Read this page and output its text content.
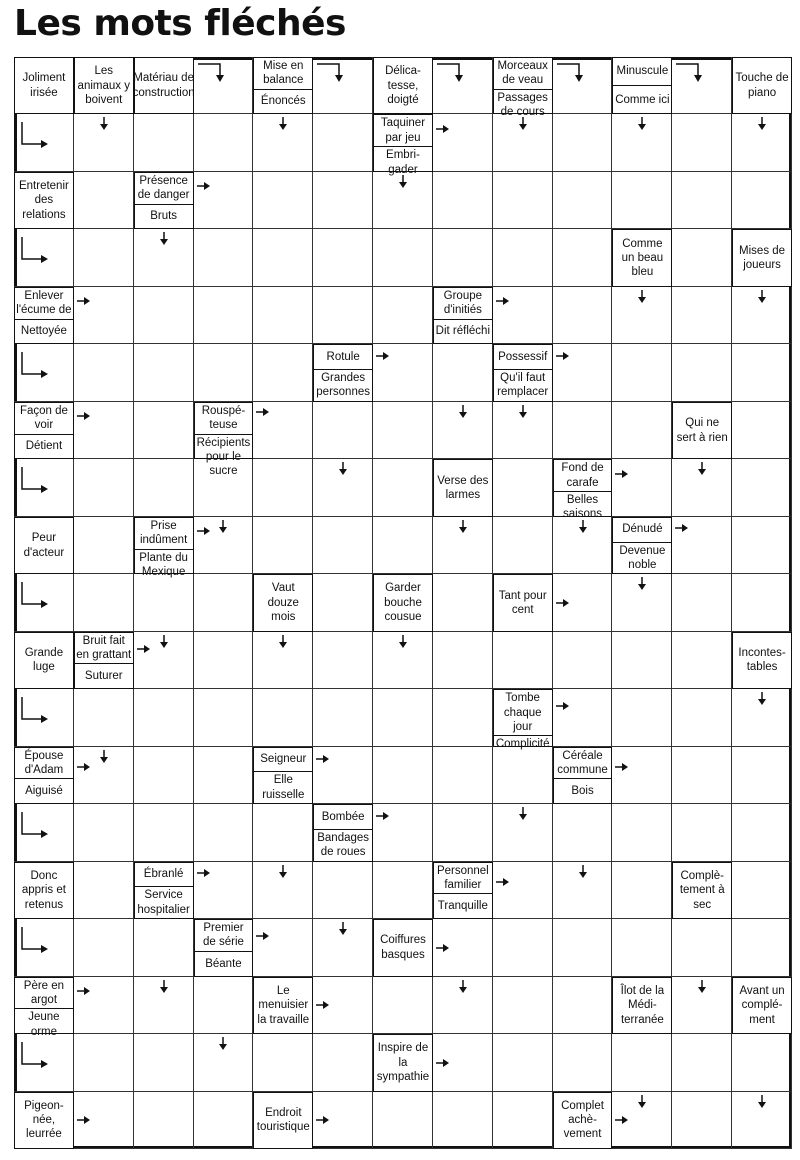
Les mots fléchés
Joliment irisée
Les animaux y boivent
Matériau de construction
Mise en balance
Énoncés
Délica-tesse, doigté
Morceaux de veau
Passages de cours
Minuscule
Comme ici
Touche de piano
Taquiner par jeu
Embri-gader
Entretenir des relations
Présence de danger
Bruts
Comme un beau bleu
Mises de joueurs
Enlever l'écume de
Nettoyée
Groupe d'initiés
Dit réfléchi
Rotule
Grandes personnes
Possessif
Qu'il faut remplacer
Façon de voir
Détient
Rouspé-teuse
Récipients pour le sucre
Qui ne sert à rien
Verse des larmes
Fond de carafe
Belles saisons
Peur d'acteur
Prise indûment
Plante du Mexique
Dénudé
Devenue noble
Vaut douze mois
Garder bouche cousue
Tant pour cent
Grande luge
Bruit fait en grattant
Suturer
Incontes-tables
Tombe chaque jour
Complicité
Épouse d'Adam
Aiguisé
Seigneur
Elle ruisselle
Céréale commune
Bois
Bombée
Bandages de roues
Donc appris et retenus
Ébranlé
Service hospitalier
Personnel familier
Tranquille
Complè-tement à sec
Premier de série
Béante
Coiffures basques
Père en argot
Jeune orme
Le menuisier la travaille
Îlot de la Médi-terranée
Avant un complé-ment
Inspire de la sympathie
Pigeon-née, leurrée
Endroit touristique
Complet achè-vement
